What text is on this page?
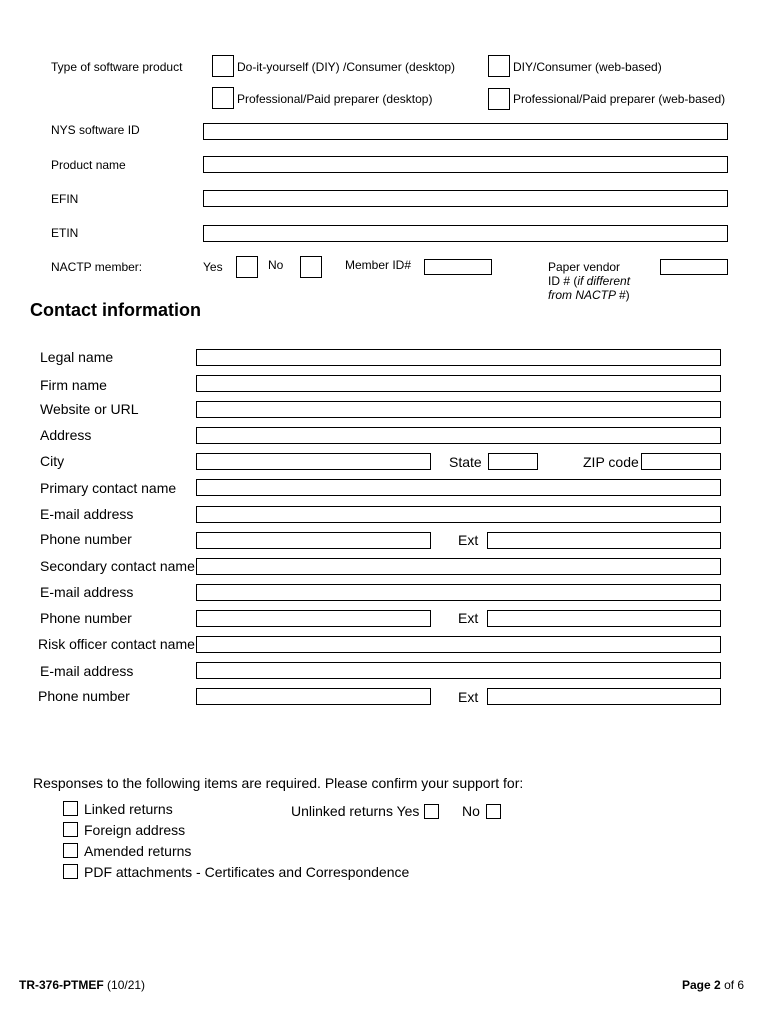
Type of software product	Do-it-yourself (DIY) /Consumer (desktop)	DIY/Consumer (web-based)
Professional/Paid preparer (desktop)	Professional/Paid preparer (web-based)
NYS software ID
Product name
EFIN
ETIN
NACTP member:	Yes	No	Member ID#	Paper vendor
ID # (if different
from NACTP #)
Contact information
Legal name
Firm name
Website or URL
Address
City	State	ZIP code
Primary contact name
E-mail address
Phone number	Ext
Secondary contact name
E-mail address
Phone number	Ext
Risk officer contact name
E-mail address
Phone number	Ext
Responses to the following items are required. Please confirm your support for:
Linked returns	Unlinked returns Yes	No
Foreign address
Amended returns
PDF attachments - Certificates and Correspondence
TR-376-PTMEF (10/21)	Page 2 of 6
